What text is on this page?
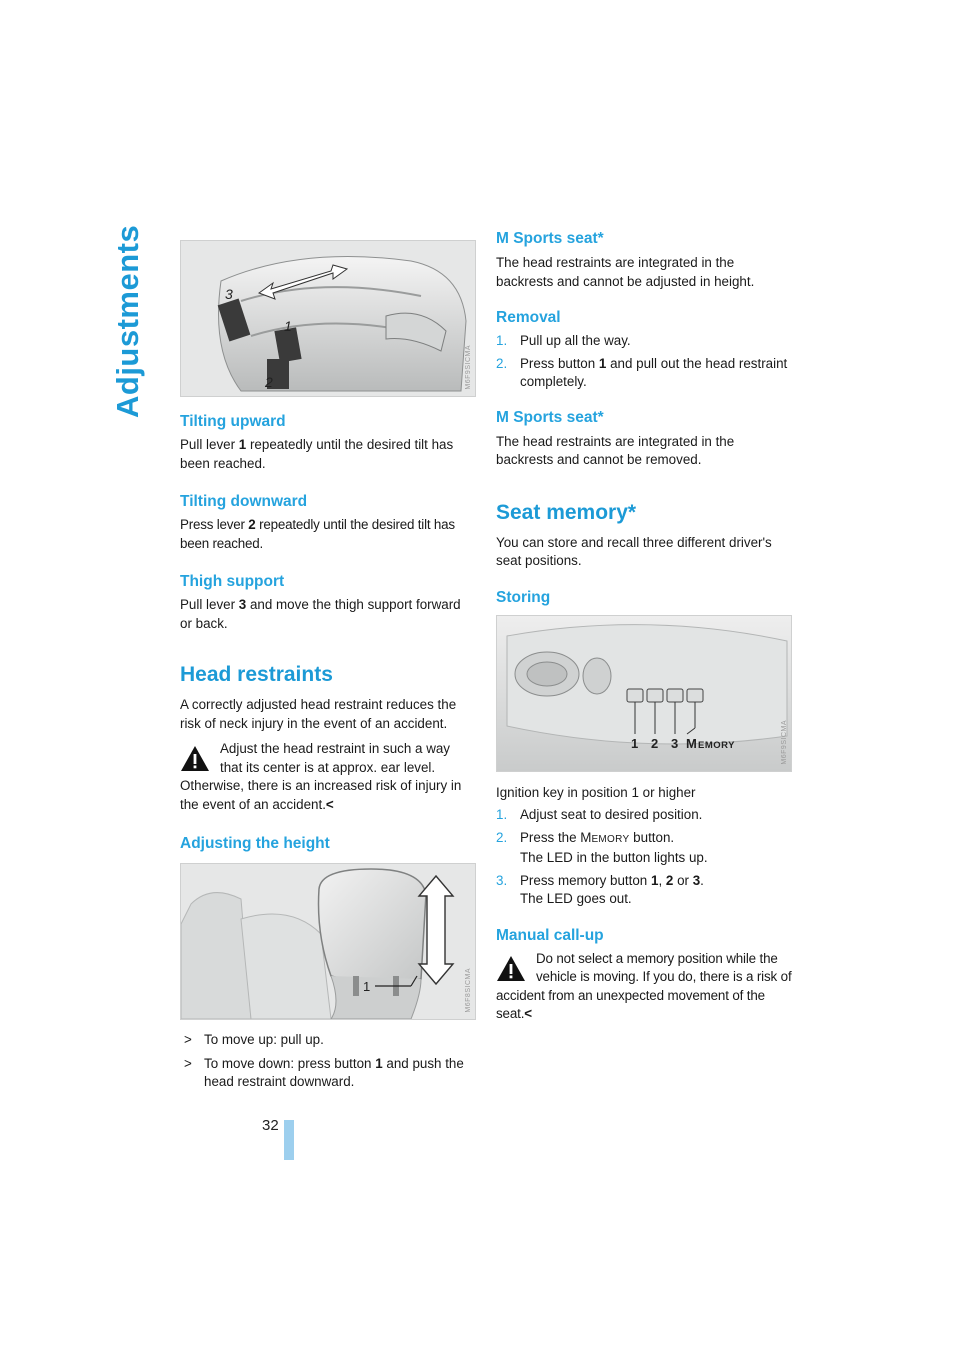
Adjustments	3
1
2	M6F9SICMA
Tilting upward

Pull lever 1 repeatedly until the desired tilt has been reached.

Tilting downward

Press lever 2 repeatedly until the desired tilt has been reached.

Thigh support

Pull lever 3 and move the thigh support forward or back.

Head restraints

A correctly adjusted head restraint reduces the risk of neck injury in the event of an accident.

Adjust the head restraint in such a way that its center is at approx. ear level. Otherwise, there is an increased risk of injury in the event of an accident.<
Adjusting the height
1	M6F8SICMA
> To move up: pull up.
> To move down: press button 1 and push the head restraint downward.
M Sports seat*

The head restraints are integrated in the backrests and cannot be adjusted in height.

Removal
1. Pull up all the way.
2. Press button 1 and pull out the head restraint completely.
M Sports seat*

The head restraints are integrated in the backrests and cannot be removed.

Seat memory*

You can store and recall three different driver's seat positions.

Storing
1 2 3 M EMORY	M6F9SICMA

Ignition key in position 1 or higher

1. Adjust seat to desired position.
2. Press the MEMORY button.
The LED in the button lights up.
3. Press memory button 1, 2 or 3.
The LED goes out.
Manual call-up
Do not select a memory position while the vehicle is moving. If you do, there is a risk of accident from an unexpected movement of the seat.<
32
